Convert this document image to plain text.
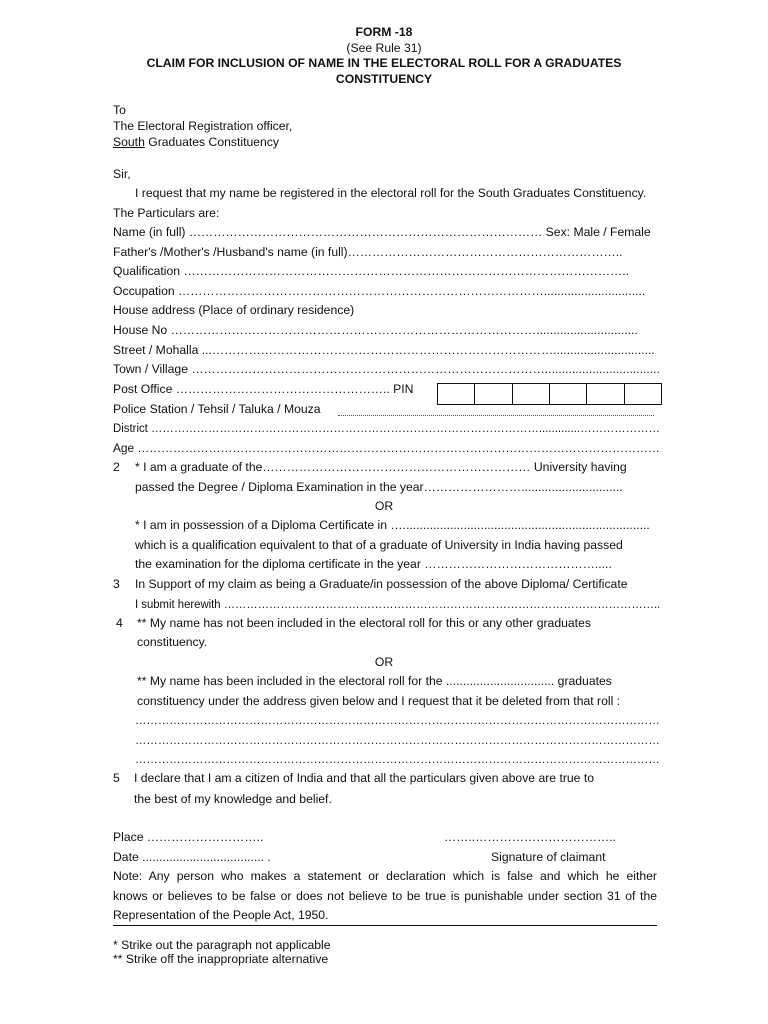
FORM -18
(See Rule 31)
CLAIM FOR INCLUSION OF NAME IN THE ELECTORAL ROLL FOR A GRADUATES
CONSTITUENCY
To
The Electoral Registration officer,
South Graduates Constituency
Sir,
I request that my name be registered in the electoral roll for the South Graduates Constituency.
The Particulars are:
Name (in full) …………………………………………………………………………… Sex: Male / Female
Father's /Mother's /Husband's name (in full)…………………………………………………………..
Qualification ………………………………………………………………………………………………..
Occupation ………………………………………………………………………………..............................
House address (Place of ordinary residence)
House No ………………………………………………………………………………..............................
Street / Mohalla ...…………………………………………………………………………..............................
Town / Village ……………………………………………………………………………..................................
Post Office …………………………………………….. PIN
Police Station / Tehsil / Taluka / Mouza
District ………………………………………………………………………………………….............…………………
Age ……………………………………………………………………………………………………………………
2 * I am a graduate of the………………………………………………………… University having
passed the Degree / Diploma Examination in the year……………………..............................
OR
* I am in possession of a Diploma Certificate in ….........................................................................
which is a qualification equivalent to that of a graduate of University in India having passed
the examination for the diploma certificate in the year …………………………………….....
3 In Support of my claim as being a Graduate/in possession of the above Diploma/ Certificate
I submit herewith ……………………………………………………………………………………………………..
4 ** My name has not been included in the electoral roll for this or any other graduates
constituency.
OR
** My name has been included in the electoral roll for the ................................ graduates
constituency under the address given below and I request that it be deleted from that roll :
…………………………………………………………………………………………………………………………
…………………………………………………………………………………………………………………………
…………………………………………………………………………………………………………………………
5 I declare that I am a citizen of India and that all the particulars given above are true to
the best of my knowledge and belief.
Place ………………………..	……..……………………………..
Date .................................... .	Signature of claimant
Note: Any person who makes a statement or declaration which is false and which he either
knows or believes to be false or does not believe to be true is punishable under section 31 of the
Representation of the People Act, 1950.
* Strike out the paragraph not applicable
** Strike off the inappropriate alternative
